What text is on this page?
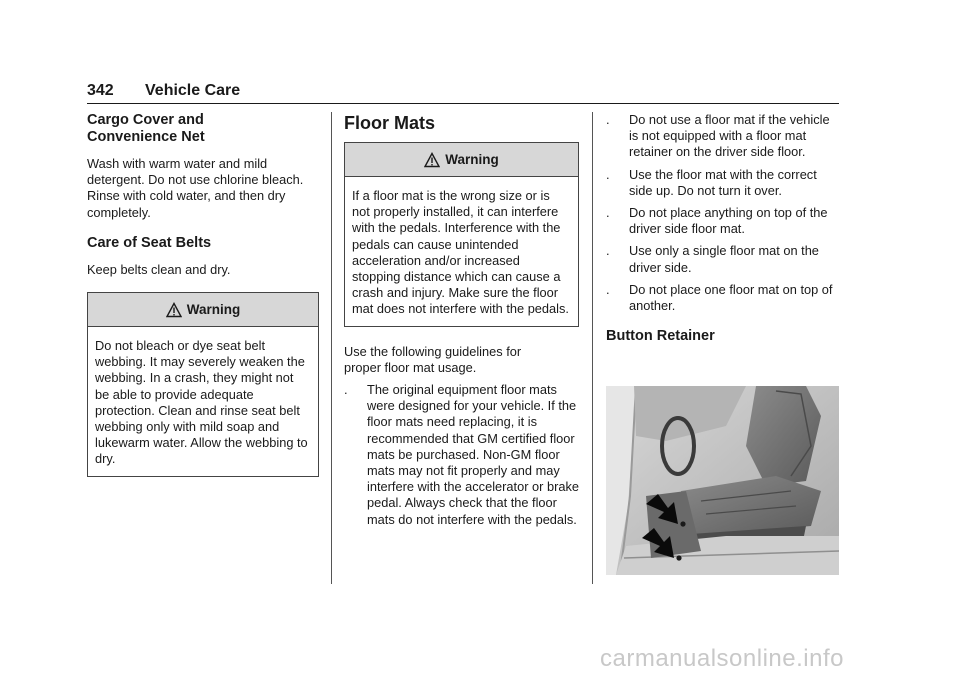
342 Vehicle Care
Cargo Cover and Convenience Net

Wash with warm water and mild detergent. Do not use chlorine bleach. Rinse with cold water, and then dry completely.

Care of Seat Belts

Keep belts clean and dry.

Warning
Do not bleach or dye seat belt webbing. It may severely weaken the webbing. In a crash, they might not be able to provide adequate protection. Clean and rinse seat belt webbing only with mild soap and lukewarm water. Allow the webbing to dry.
Floor Mats
Warning
If a floor mat is the wrong size or is not properly installed, it can interfere with the pedals. Interference with the pedals can cause unintended acceleration and/or increased stopping distance which can cause a crash and injury. Make sure the floor mat does not interfere with the pedals.

Use the following guidelines for proper floor mat usage.

.	The original equipment floor mats were designed for your vehicle. If the floor mats need replacing, it is recommended that GM certified floor mats be purchased. Non-GM floor mats may not fit properly and may interfere with the accelerator or brake pedal. Always check that the floor mats do not interfere with the pedals.
.	Do not use a floor mat if the vehicle is not equipped with a floor mat retainer on the driver side floor.
.	Use the floor mat with the correct side up. Do not turn it over.
.	Do not place anything on top of the driver side floor mat.
.	Use only a single floor mat on the driver side.
.	Do not place one floor mat on top of another.
Button Retainer
carmanualsonline.info
